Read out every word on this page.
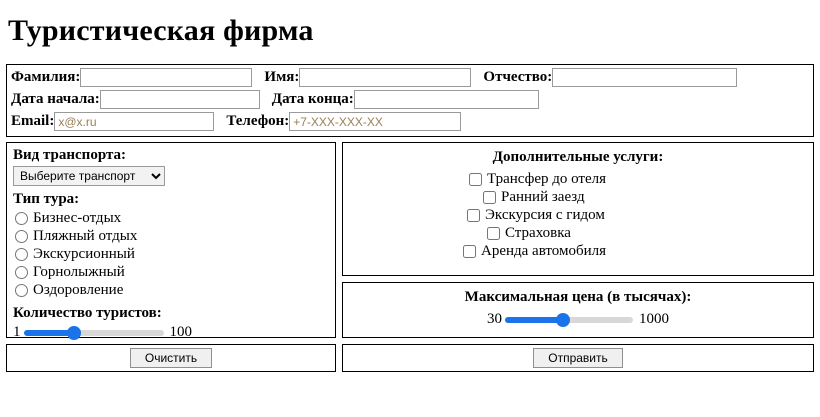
Туристическая фирма
Фамилия:	Имя:	Отчество:
Дата начала:	Дата конца:
Email:
x@x.ru	Телефон:
+7-XXX-XXX-XX
Вид транспорта:
Выберите транспорт
Тип тура:
Бизнес-отдых
Пляжный отдых
Экскурсионный
Горнолыжный
Оздоровление
Количество туристов:
1	100
Дополнительные услуги:
Трансфер до отеля
Ранний заезд
Экскурсия с гидом
Страховка
Аренда автомобиля
Максимальная цена (в тысячах):
30	1000
Очистить	Отправить
